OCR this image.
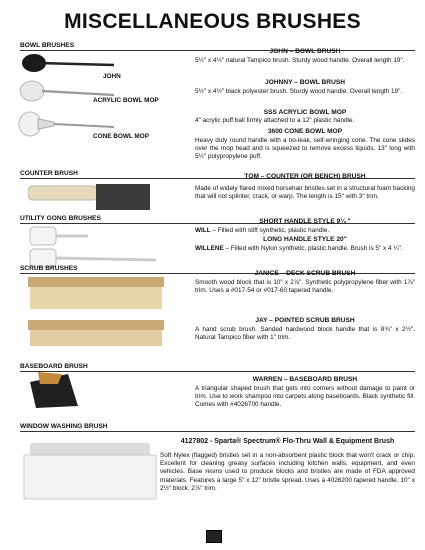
MISCELLANEOUS BRUSHES
BOWL BRUSHES
JOHN
ACRYLIC BOWL MOP
CONE BOWL MOP
JOHN – BOWL BRUSH
5½" x 4½" natural Tampico brush. Sturdy wood handle. Overall length 19".
JOHNNY – BOWL BRUSH
5½" x 4½" black polyester brush. Sturdy wood handle. Overall length 19".
SSS ACRYLIC BOWL MOP
4" acrylic puff ball firmly attached to a 12" plastic handle.
3600 CONE BOWL MOP
Heavy duty round handle with a no-leak, self-wringing cone. The cone slides over the mop head and is squeezed to remove excess liquids. 13" long with 5½" polypropylene puff.
COUNTER BRUSH	TOM – COUNTER (OR BENCH) BRUSH
Made of widely flared mixed horsehair bristles set in a structural foam backing that will not splinter, crack, or warp. The length is 15" with 3" trim.
UTILITY GONG BRUSHES	SHORT HANDLE STYLE 9¼ "
WILL – Filled with stiff synthetic, plastic handle.
LONG HANDLE STYLE 20"
WILLENE – Filled with Nylon synthetic, plastic handle. Brush is 5" x 4 ¼".
SCRUB BRUSHES
JANICE – DECK SCRUB BRUSH
Smooth wood block that is 10" x 2⅞". Synthetic polypropylene fiber with 1⅞" trim. Uses a #017-54 or #017-60 tapered handle.
JAY – POINTED SCRUB BRUSH
A hand scrub brush. Sanded hardwood block handle that is 8¾" x 2½". Natural Tampico fiber with 1" trim.
BASEBOARD BRUSH
WARREN – BASEBOARD BRUSH
A triangular shaped brush that gets into corners without damage to paint or trim. Use to work shampoo into carpets along baseboards. Black synthetic fill. Comes with #4026700 handle.
WINDOW WASHING BRUSH
4127802 - Sparta® Spectrum® Flo-Thru Wall & Equipment Brush
Soft Nylex (flagged) bristles set in a non-absorbent plastic block that won't crack or chip. Excellent for cleaning greasy surfaces including kitchen walls, equipment, and even vehicles. Base resins used to produce blocks and bristles are made of FDA approved materials. Features a large 5" x 12" bristle spread. Uses a 4026200 tapered handle. 10" x 2½" block. 2⅞" trim.
